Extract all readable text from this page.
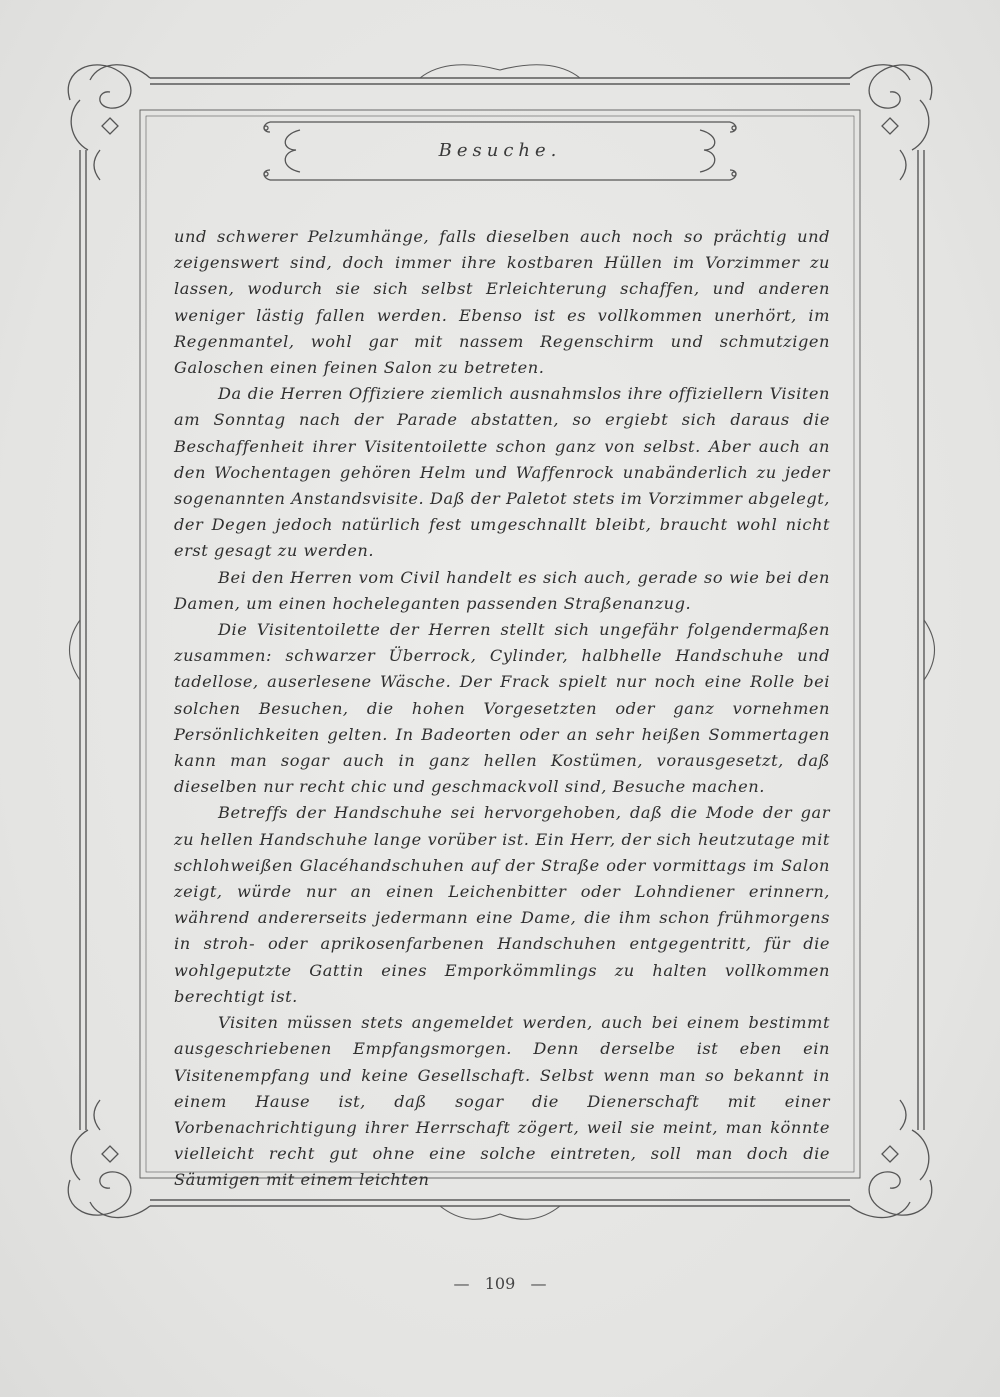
Besuche.

und schwerer Pelzumhänge, falls dieselben auch noch so prächtig und zeigenswert sind, doch immer ihre kostbaren Hüllen im Vorzimmer zu lassen, wodurch sie sich selbst Erleichterung schaffen, und anderen weniger lästig fallen werden. Ebenso ist es vollkommen unerhört, im Regenmantel, wohl gar mit nassem Regenschirm und schmutzigen Galoschen einen feinen Salon zu betreten.

Da die Herren Offiziere ziemlich ausnahmslos ihre offiziellern Visiten am Sonntag nach der Parade abstatten, so ergiebt sich daraus die Beschaffenheit ihrer Visitentoilette schon ganz von selbst. Aber auch an den Wochentagen gehören Helm und Waffenrock unabänderlich zu jeder sogenannten Anstandsvisite. Daß der Paletot stets im Vorzimmer abgelegt, der Degen jedoch natürlich fest umgeschnallt bleibt, braucht wohl nicht erst gesagt zu werden.

Bei den Herren vom Civil handelt es sich auch, gerade so wie bei den Damen, um einen hocheleganten passenden Straßenanzug.

Die Visitentoilette der Herren stellt sich ungefähr folgendermaßen zusammen: schwarzer Überrock, Cylinder, halbhelle Handschuhe und tadellose, auserlesene Wäsche. Der Frack spielt nur noch eine Rolle bei solchen Besuchen, die hohen Vorgesetzten oder ganz vornehmen Persönlichkeiten gelten. In Badeorten oder an sehr heißen Sommertagen kann man sogar auch in ganz hellen Kostümen, vorausgesetzt, daß dieselben nur recht chic und geschmackvoll sind, Besuche machen.

Betreffs der Handschuhe sei hervorgehoben, daß die Mode der gar zu hellen Handschuhe lange vorüber ist. Ein Herr, der sich heutzutage mit schlohweißen Glacéhandschuhen auf der Straße oder vormittags im Salon zeigt, würde nur an einen Leichenbitter oder Lohndiener erinnern, während andererseits jedermann eine Dame, die ihm schon frühmorgens in stroh- oder aprikosenfarbenen Handschuhen entgegentritt, für die wohlgeputzte Gattin eines Emporkömmlings zu halten vollkommen berechtigt ist.

Visiten müssen stets angemeldet werden, auch bei einem bestimmt ausgeschriebenen Empfangsmorgen. Denn derselbe ist eben ein Visitenempfang und keine Gesellschaft. Selbst wenn man so bekannt in einem Hause ist, daß sogar die Dienerschaft mit einer Vorbenachrichtigung ihrer Herrschaft zögert, weil sie meint, man könnte vielleicht recht gut ohne eine solche eintreten, soll man doch die Säumigen mit einem leichten

— 109 —
